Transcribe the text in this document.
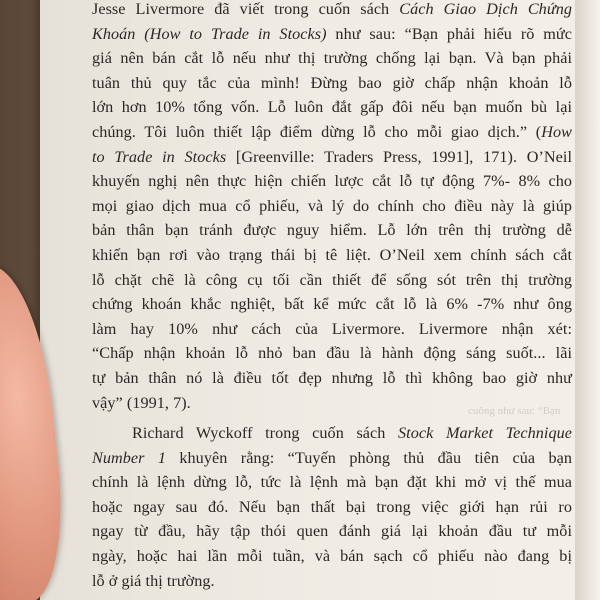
cuông như sau: “Bạn
Jesse Livermore đã viết trong cuốn sách Cách Giao Dịch Chứng
Khoán (How to Trade in Stocks) như sau: “Bạn phải hiểu rõ mức
giá nên bán cắt lỗ nếu như thị trường chống lại bạn. Và bạn phải
tuân thủ quy tắc của mình! Đừng bao giờ chấp nhận khoản lỗ
lớn hơn 10% tổng vốn. Lỗ luôn đắt gấp đôi nếu bạn muốn bù lại
chúng. Tôi luôn thiết lập điểm dừng lỗ cho mỗi giao dịch.” (How
to Trade in Stocks [Greenville: Traders Press, 1991], 171). O’Neil
khuyến nghị nên thực hiện chiến lược cắt lỗ tự động 7%- 8% cho
mọi giao dịch mua cổ phiếu, và lý do chính cho điều này là giúp
bản thân bạn tránh được nguy hiểm. Lỗ lớn trên thị trường dễ
khiến bạn rơi vào trạng thái bị tê liệt. O’Neil xem chính sách cắt
lỗ chặt chẽ là công cụ tối cần thiết để sống sót trên thị trường
chứng khoán khắc nghiệt, bất kể mức cắt lỗ là 6% -7% như ông
làm hay 10% như cách của Livermore. Livermore nhận xét:
“Chấp nhận khoản lỗ nhỏ ban đầu là hành động sáng suốt... lãi
tự bản thân nó là điều tốt đẹp nhưng lỗ thì không bao giờ như
vậy” (1991, 7).
Richard Wyckoff trong cuốn sách Stock Market Technique
Number 1 khuyên rằng: “Tuyến phòng thủ đầu tiên của bạn
chính là lệnh dừng lỗ, tức là lệnh mà bạn đặt khi mở vị thế mua
hoặc ngay sau đó. Nếu bạn thất bại trong việc giới hạn rủi ro
ngay từ đầu, hãy tập thói quen đánh giá lại khoản đầu tư mỗi
ngày, hoặc hai lần mỗi tuần, và bán sạch cổ phiếu nào đang bị
lỗ ở giá thị trường.
